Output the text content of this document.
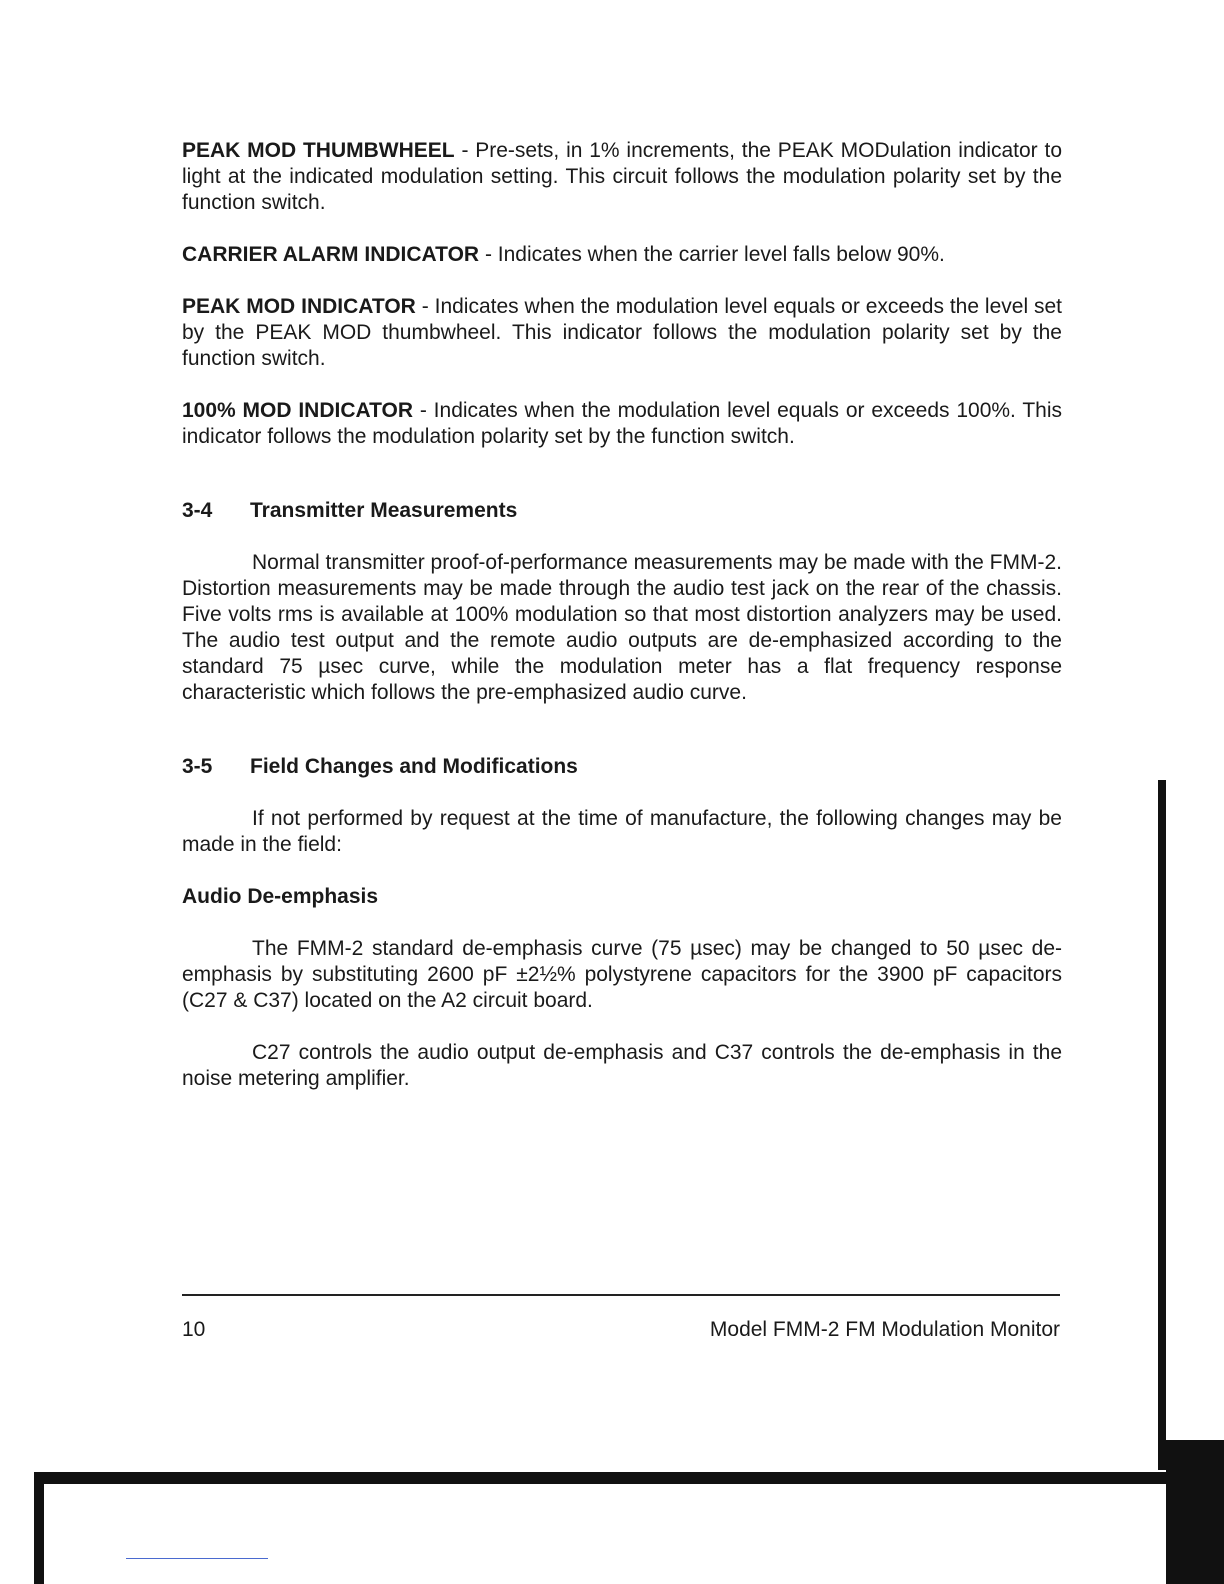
PEAK MOD THUMBWHEEL - Pre-sets, in 1% increments, the PEAK MODulation indicator to light at the indicated modulation setting. This circuit follows the modulation polarity set by the function switch.

CARRIER ALARM INDICATOR - Indicates when the carrier level falls below 90%.

PEAK MOD INDICATOR - Indicates when the modulation level equals or exceeds the level set by the PEAK MOD thumbwheel. This indicator follows the modulation polarity set by the function switch.

100% MOD INDICATOR - Indicates when the modulation level equals or exceeds 100%. This indicator follows the modulation polarity set by the function switch.

3-4	Transmitter Measurements

Normal transmitter proof-of-performance measurements may be made with the FMM-2. Distortion measurements may be made through the audio test jack on the rear of the chassis. Five volts rms is available at 100% modulation so that most distortion analyzers may be used. The audio test output and the remote audio outputs are de-emphasized according to the standard 75 µsec curve, while the modulation meter has a flat frequency response characteristic which follows the pre-emphasized audio curve.

3-5	Field Changes and Modifications

If not performed by request at the time of manufacture, the following changes may be made in the field:

Audio De-emphasis

The FMM-2 standard de-emphasis curve (75 µsec) may be changed to 50 µsec de-emphasis by substituting 2600 pF ±2½% polystyrene capacitors for the 3900 pF capacitors (C27 & C37) located on the A2 circuit board.

C27 controls the audio output de-emphasis and C37 controls the de-emphasis in the noise metering amplifier.

10	Model FMM-2 FM Modulation Monitor
